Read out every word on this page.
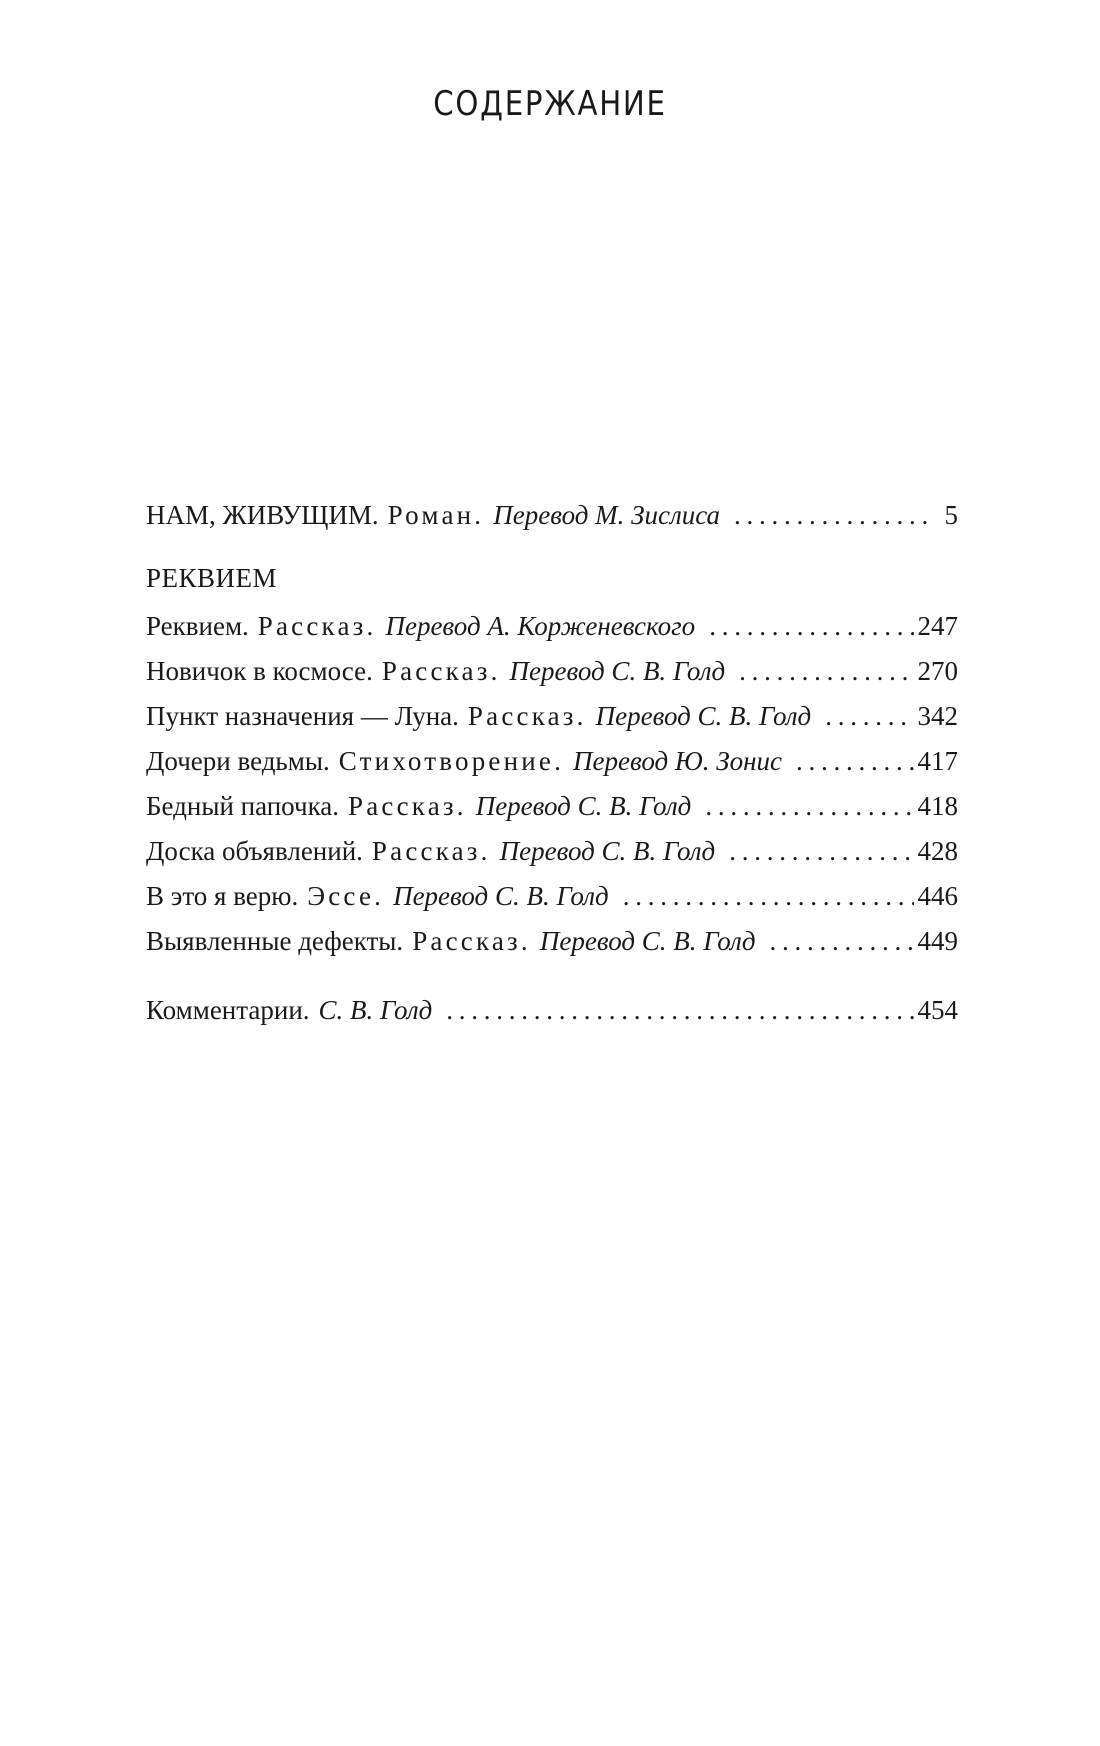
СОДЕРЖАНИЕ
НАМ, ЖИВУЩИМ. Роман. Перевод М. Зислиса . . .	5
РЕКВИЕМ
Реквием. Рассказ. Перевод А. Корженевского . . .	247
Новичок в космосе. Рассказ. Перевод С. В. Голд . . .	270
Пункт назначения — Луна. Рассказ. Перевод С. В. Голд . . .	342
Дочери ведьмы. Стихотворение. Перевод Ю. Зонис . . .	417
Бедный папочка. Рассказ. Перевод С. В. Голд . . .	418
Доска объявлений. Рассказ. Перевод С. В. Голд . . .	428
В это я верю. Эссе. Перевод С. В. Голд . . .	446
Выявленные дефекты. Рассказ. Перевод С. В. Голд . . .	449
Комментарии. С. В. Голд . . .	454
